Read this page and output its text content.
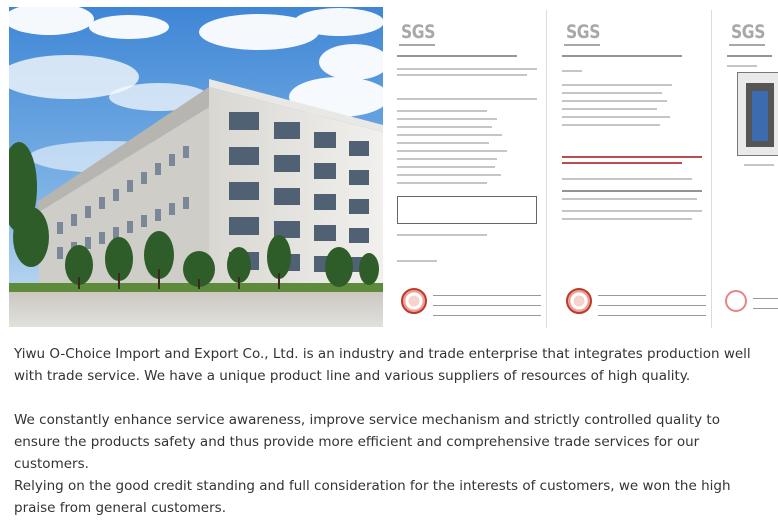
SGS	SGS	SGS

Yiwu O-Choice Import and Export Co., Ltd. is an industry and trade enterprise that integrates production well with trade service. We have a unique product line and various suppliers of resources of high quality.

We constantly enhance service awareness, improve service mechanism and strictly controlled quality to ensure the products safety and thus provide more efficient and comprehensive trade services for our customers.

Relying on the good credit standing and full consideration for the interests of customers, we won the high praise from general customers.
